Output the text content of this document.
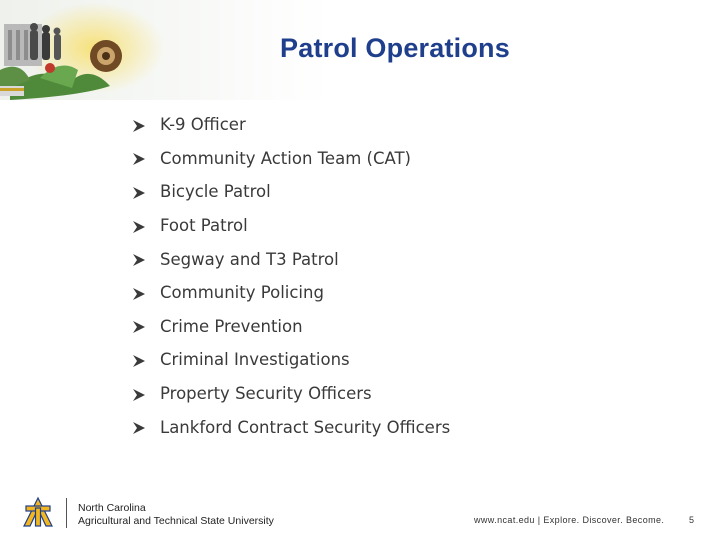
Patrol Operations
K-9 Officer
Community Action Team (CAT)
Bicycle Patrol
Foot Patrol
Segway and T3 Patrol
Community Policing
Crime Prevention
Criminal Investigations
Property Security Officers
Lankford Contract Security Officers
North Carolina
Agricultural and Technical State University	www.ncat.edu | Explore. Discover. Become.	5
